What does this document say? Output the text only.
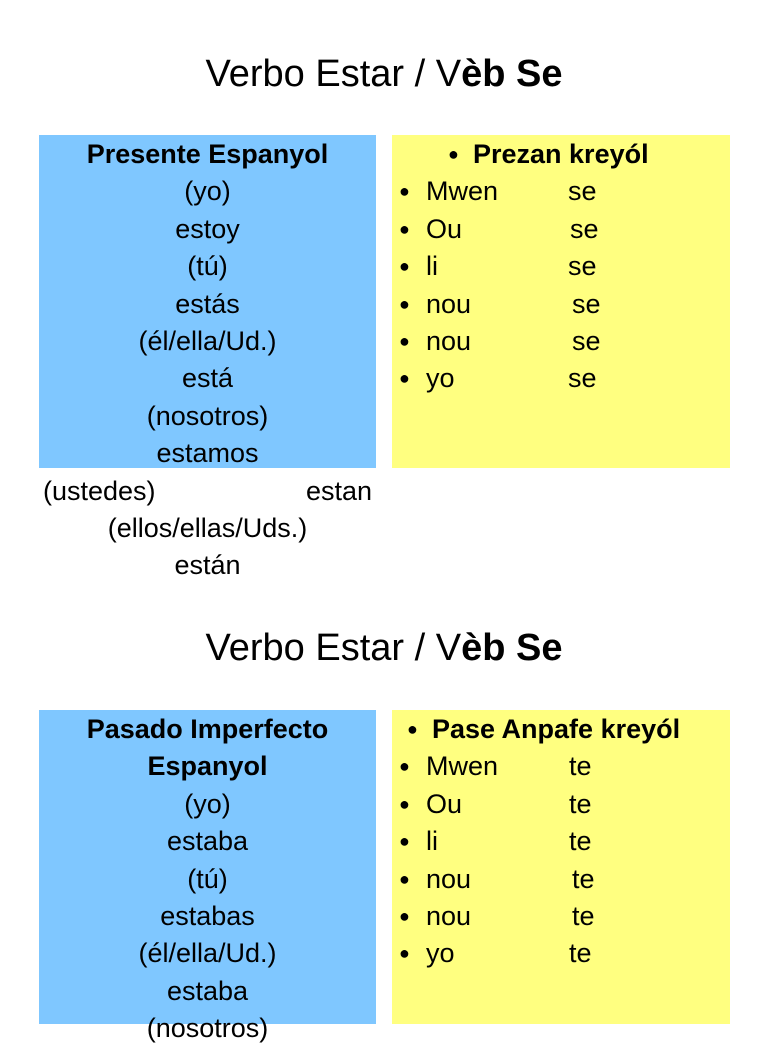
Verbo Estar / Vèb Se
Presente Espanyol
(yo)
estoy
(tú)
estás
(él/ella/Ud.)
está
(nosotros)
estamos
(ustedes)	estan
(ellos/ellas/Uds.)
están
● Prezan kreyól
● Mwen	se
● Ou	se
● li	se
● nou	se
● nou	se
● yo	se
Verbo Estar / Vèb Se
Pasado Imperfecto
Espanyol
(yo)
estaba
(tú)
estabas
(él/ella/Ud.)
estaba
(nosotros)
● Pase Anpafe kreyól
● Mwen	te
● Ou	te
● li	te
● nou	te
● nou	te
● yo	te
